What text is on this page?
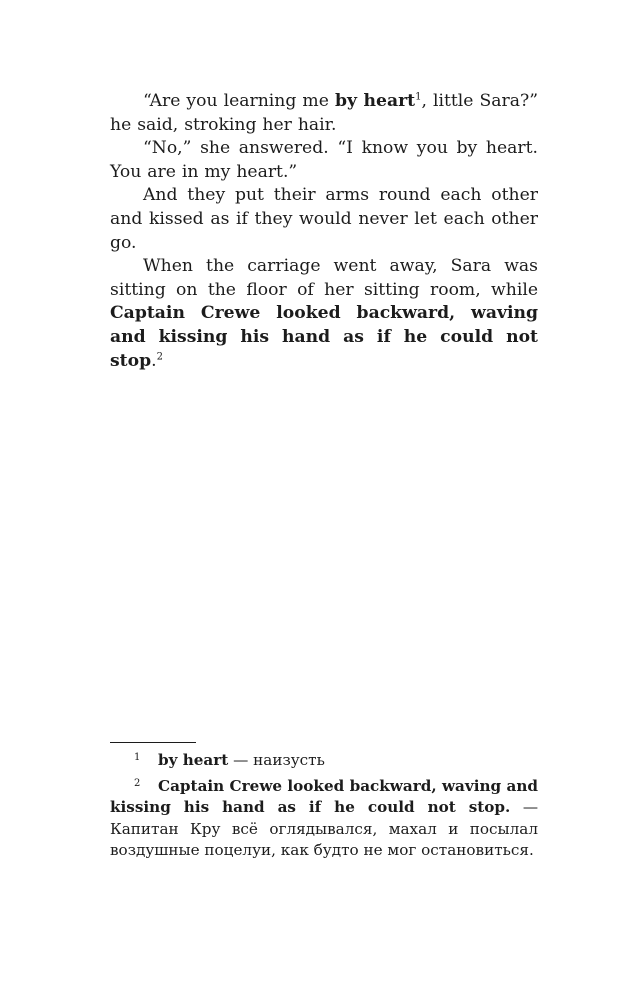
“Are you learning me by heart$^1$, little Sara?” he said, stroking her hair.

“No,” she answered. “I know you by heart. You are in my heart.”

And they put their arms round each other and kissed as if they would never let each other go.

When the carriage went away, Sara was sitting on the floor of her sitting room, while Captain Crewe looked backward, waving and kissing his hand as if he could not stop.$^2$

1 by heart — наизусть

2 Captain Crewe looked backward, waving and kissing his hand as if he could not stop. — Капитан Кру всё оглядывался, махал и посылал воздушные поцелуи, как будто не мог остановиться.
